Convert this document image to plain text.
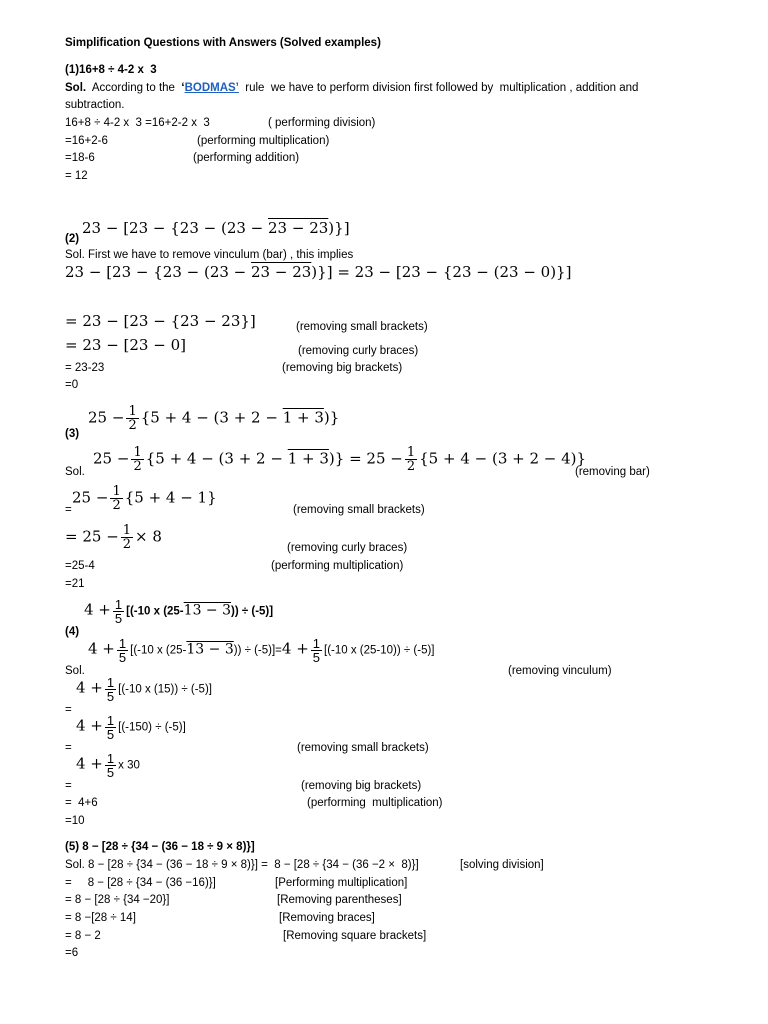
Simplification Questions with Answers (Solved examples)
(1)16+8 ÷ 4-2 x  3
Sol.  According to the  ‘BODMAS’  rule  we have to perform division first followed by  multiplication , addition and
subtraction.
16+8 ÷ 4-2 x  3 =16+2-2 x  3	( performing division)
=16+2-6	(performing multiplication)
=18-6	(performing addition)
= 12
(2)
23 − [23 − {23 − (23 − 23 − 23)}]
Sol. First we have to remove vinculum (bar) , this implies
23 − [23 − {23 − (23 − 23 − 23)}] = 23 − [23 − {23 − (23 − 0)}]
= 23 − [23 − {23 − 23}]	(removing small brackets)
= 23 − [23 − 0]	(removing curly braces)
= 23-23	(removing big brackets)
=0
(3)
$25 - \frac{1}{2} \{5 + 4 - (3 + 2 - 1 + 3)\}$
Sol.
$25 - \frac{1}{2} \{5 + 4 - (3 + 2 - 1 + 3)\} = 25 - \frac{1}{2} \{5 + 4 - (3 + 2 - 4)\}$
(removing bar)
=
$25 - \frac{1}{2} \{5 + 4 - 1\}$
(removing small brackets)
= $25 - \frac{1}{2} \times 8$
(removing curly braces)
=25-4	(performing multiplication)
=21
(4)
$4 + \frac{1}{5} [(-10$ x (25-13 − 3)) ÷ (-5)]
Sol.
$4 + \frac{1}{5} [(-10$ x $(25-13 - 3)) \div (-5)]=4 + \frac{1}{5} [(-10$ x (25-10)) ÷ (-5)]
(removing vinculum)
=
$4 + \frac{1}{5} [(-10$ x (15)) ÷ (-5)]
=
$4 + \frac{1}{5} [(-150) \div (-5)]$
(removing small brackets)
=
$4 + \frac{1}{5}$ x 30
(removing big brackets)
=  4+6	(performing  multiplication)
=10
(5) 8 − [28 ÷ {34 − (36 − 18 ÷ 9 × 8)}]
Sol. 8 − [28 ÷ {34 − (36 − 18 ÷ 9 × 8)}] =  8 − [28 ÷ {34 − (36 −2 ×  8)}]	[solving division]
=     8 − [28 ÷ {34 − (36 −16)}]	[Performing multiplication]
= 8 − [28 ÷ {34 −20}]	[Removing parentheses]
= 8 −[28 ÷ 14]	[Removing braces]
= 8 − 2	[Removing square brackets]
=6
